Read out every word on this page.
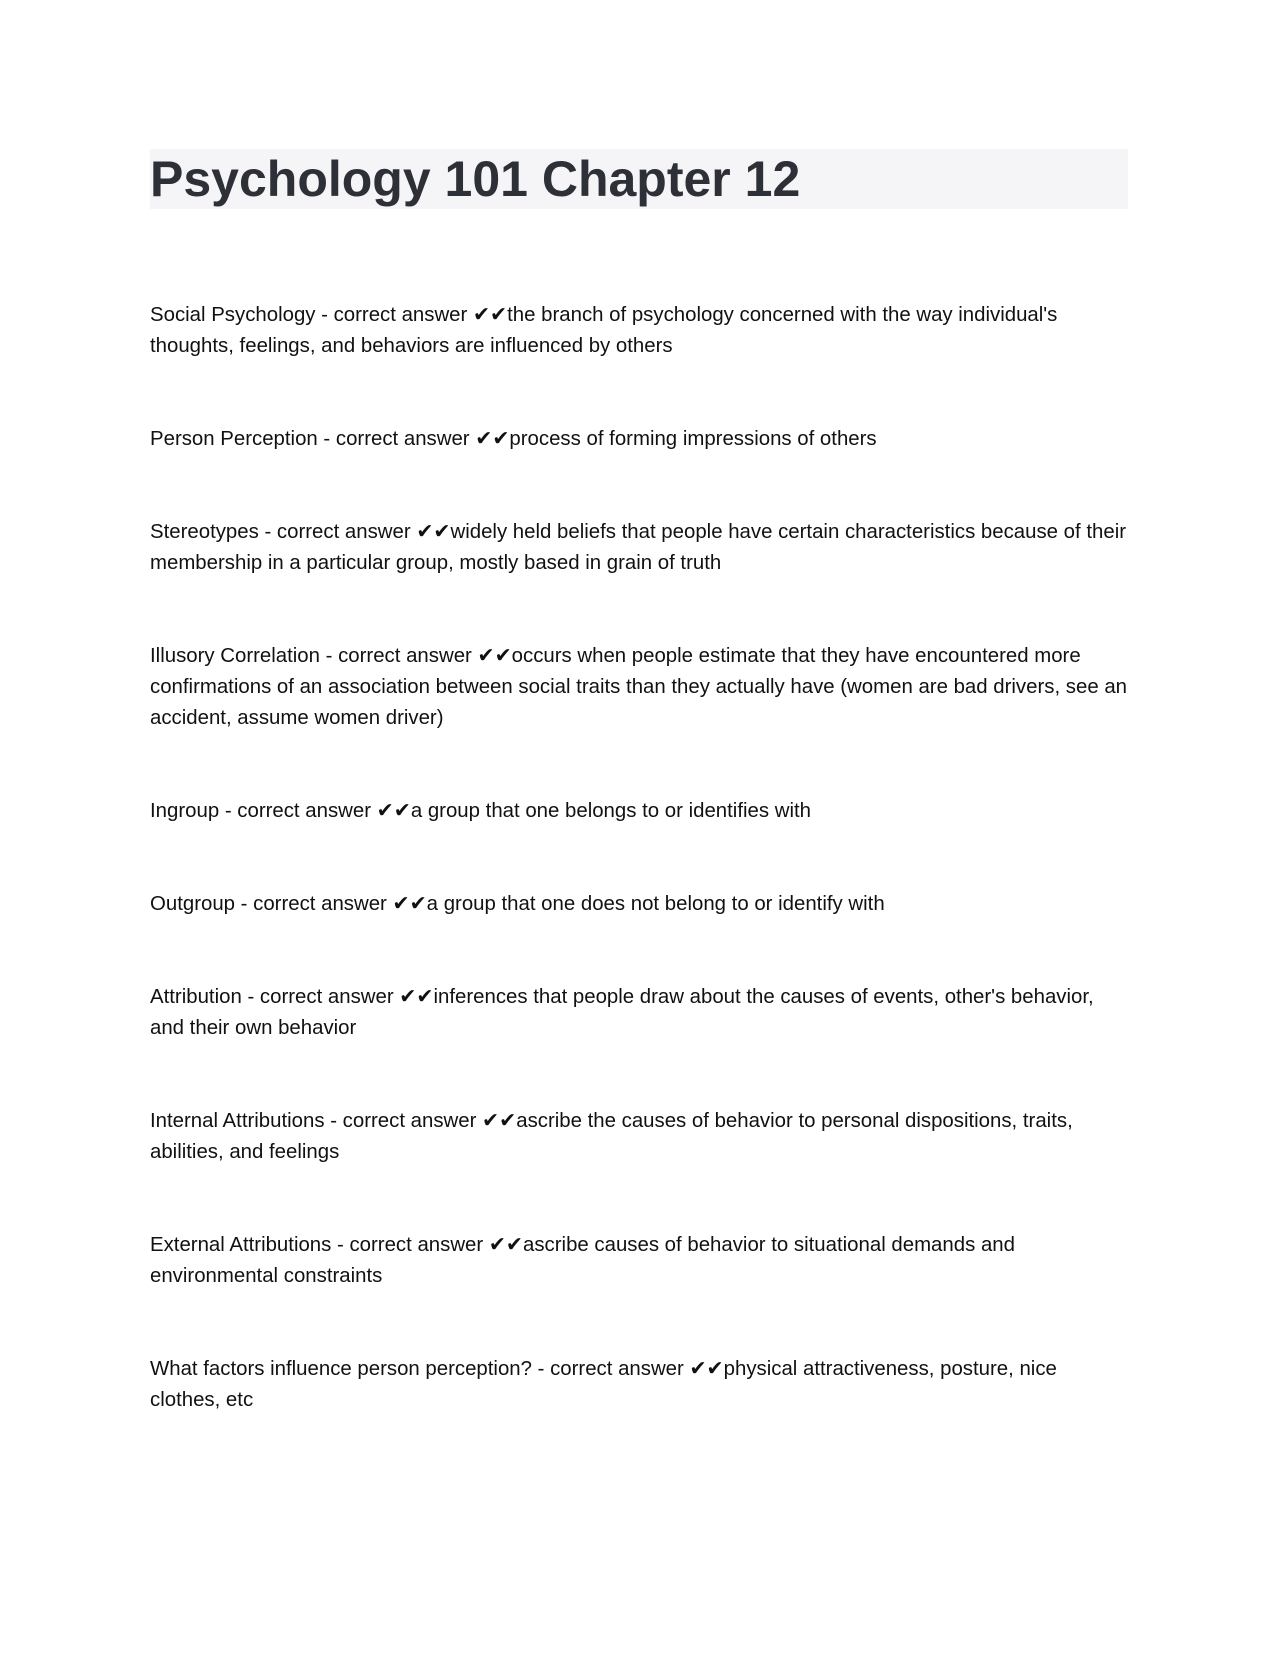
Psychology 101 Chapter 12

Social Psychology - correct answer ✔✔the branch of psychology concerned with the way individual's thoughts, feelings, and behaviors are influenced by others

Person Perception - correct answer ✔✔process of forming impressions of others

Stereotypes - correct answer ✔✔widely held beliefs that people have certain characteristics because of their membership in a particular group, mostly based in grain of truth

Illusory Correlation - correct answer ✔✔occurs when people estimate that they have encountered more confirmations of an association between social traits than they actually have (women are bad drivers, see an accident, assume women driver)

Ingroup - correct answer ✔✔a group that one belongs to or identifies with

Outgroup - correct answer ✔✔a group that one does not belong to or identify with

Attribution - correct answer ✔✔inferences that people draw about the causes of events, other's behavior, and their own behavior

Internal Attributions - correct answer ✔✔ascribe the causes of behavior to personal dispositions, traits, abilities, and feelings

External Attributions - correct answer ✔✔ascribe causes of behavior to situational demands and environmental constraints

What factors influence person perception? - correct answer ✔✔physical attractiveness, posture, nice clothes, etc
